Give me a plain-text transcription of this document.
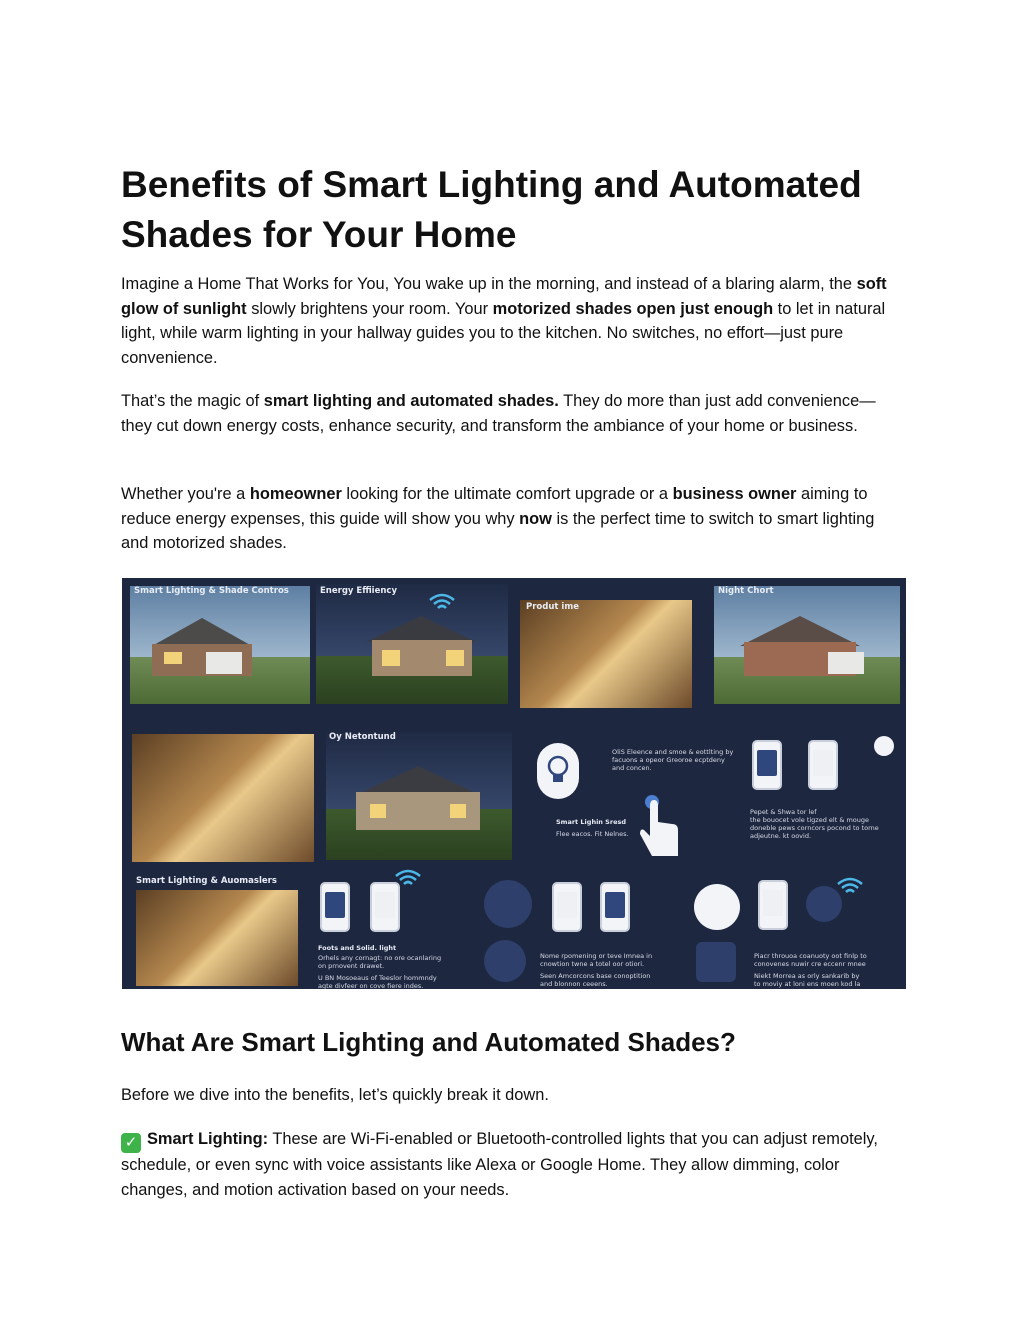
Benefits of Smart Lighting and Automated Shades for Your Home

Imagine a Home That Works for You, You wake up in the morning, and instead of a blaring alarm, the soft glow of sunlight slowly brightens your room. Your motorized shades open just enough to let in natural light, while warm lighting in your hallway guides you to the kitchen. No switches, no effort—just pure convenience.

That’s the magic of smart lighting and automated shades. They do more than just add convenience—they cut down energy costs, enhance security, and transform the ambiance of your home or business.

Whether you're a homeowner looking for the ultimate comfort upgrade or a business owner aiming to reduce energy expenses, this guide will show you why now is the perfect time to switch to smart lighting and motorized shades.

What Are Smart Lighting and Automated Shades?

Before we dive into the benefits, let’s quickly break it down.

✓ Smart Lighting: These are Wi-Fi-enabled or Bluetooth-controlled lights that you can adjust remotely, schedule, or even sync with voice assistants like Alexa or Google Home. They allow dimming, color changes, and motion activation based on your needs.

Smart Lighting & Shade Contros	Energy Effiiency
Produt ime
Night Chort
Oy Netontund
OliS Eleence and smoe & eottlting by
facuons a opeor Greoroe ecptdeny
and concen.
Smart Lighin Sresd
Flee eacos. Fit Nelnes.
Pepet & Shwa tor lef
the bouocet vole tigzed elt & mouge
doneble pews corncors pocond to torne
adjeutne. kt oovid.
Smart Lighting & Auomaslers
Foots and Solid. light
Orhels any cornagt: no ore ocanlaring
on prnovent drawet.
U BN Mosoeaus of Teeslor hommndy
agte divfeer on cove fiere indes.
Nome rpomening or teve Imnea in
cnowtion twne a totel oor otiori.
Seen Amcorcons base conoptition
and blonnon ceeens.
Piacr throuoa coanuoty oot finlp to
conovenes nuwir cre eccenr mnee
Niekt Morrea as orly sankarib by
to moviy at loni ens moen kod la
